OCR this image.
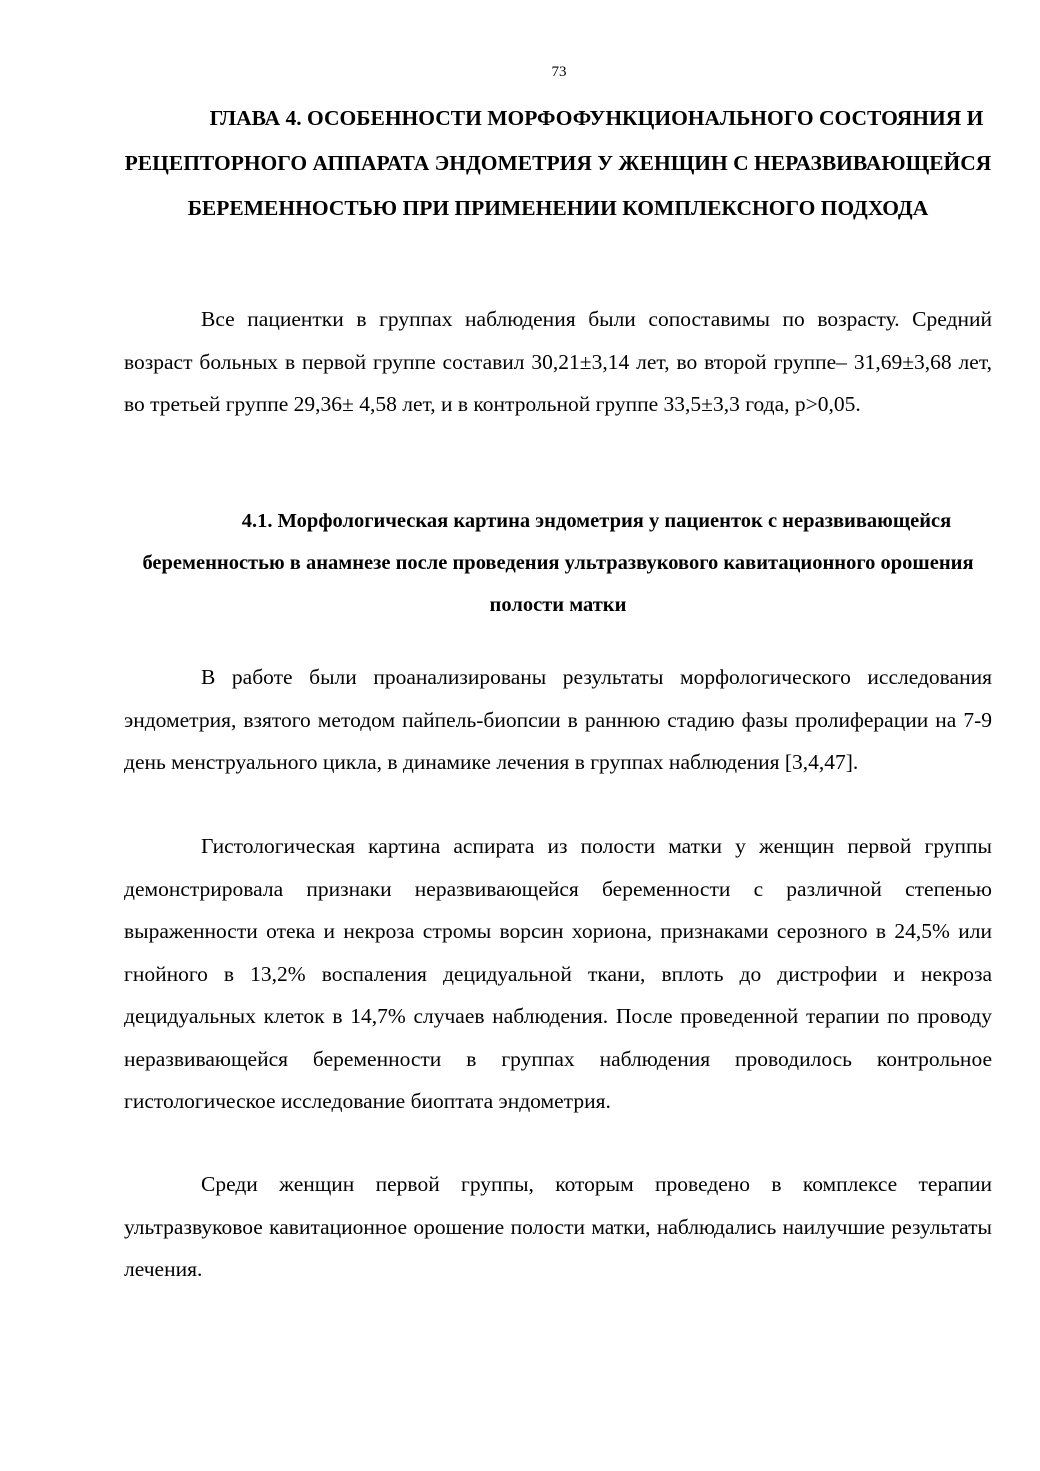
73
ГЛАВА 4. ОСОБЕННОСТИ МОРФОФУНКЦИОНАЛЬНОГО СОСТОЯНИЯ И РЕЦЕПТОРНОГО АППАРАТА ЭНДОМЕТРИЯ У ЖЕНЩИН С НЕРАЗВИВАЮЩЕЙСЯ БЕРЕМЕННОСТЬЮ ПРИ ПРИМЕНЕНИИ КОМПЛЕКСНОГО ПОДХОДА

Все пациентки в группах наблюдения были сопоставимы по возрасту. Средний возраст больных в первой группе составил 30,21±3,14 лет, во второй группе– 31,69±3,68 лет, во третьей группе 29,36± 4,58 лет, и в контрольной группе 33,5±3,3 года, р>0,05.

4.1. Морфологическая картина эндометрия у пациенток с неразвивающейся беременностью в анамнезе после проведения ультразвукового кавитационного орошения полости матки

В работе были проанализированы результаты морфологического исследования эндометрия, взятого методом пайпель-биопсии в раннюю стадию фазы пролиферации на 7-9 день менструального цикла, в динамике лечения в группах наблюдения [3,4,47].

Гистологическая картина аспирата из полости матки у женщин первой группы демонстрировала признаки неразвивающейся беременности с различной степенью выраженности отека и некроза стромы ворсин хориона, признаками серозного в 24,5% или гнойного в 13,2% воспаления децидуальной ткани, вплоть до дистрофии и некроза децидуальных клеток в 14,7% случаев наблюдения. После проведенной терапии по проводу неразвивающейся беременности в группах наблюдения проводилось контрольное гистологическое исследование биоптата эндометрия.

Среди женщин первой группы, которым проведено в комплексе терапии ультразвуковое кавитационное орошение полости матки, наблюдались наилучшие результаты лечения.
